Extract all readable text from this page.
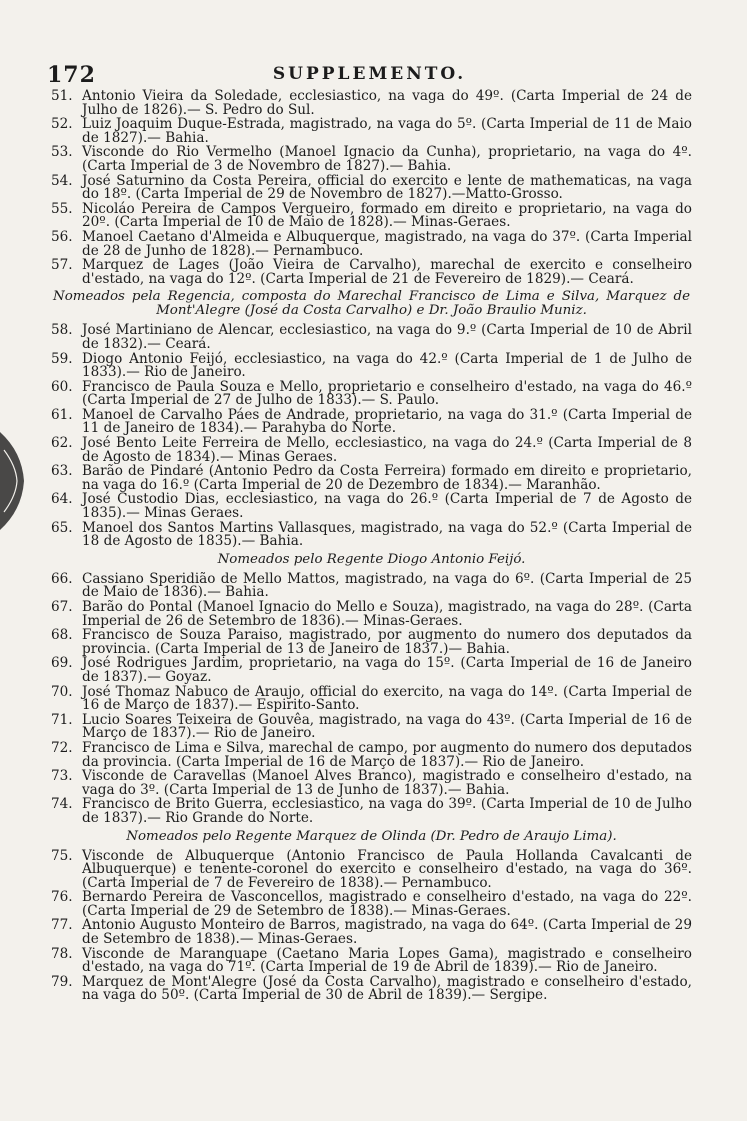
172	SUPPLEMENTO.
51. Antonio Vieira da Soledade, ecclesiastico, na vaga do 49º. (Carta Imperial de 24 de Julho de 1826).— S. Pedro do Sul.
52. Luiz Joaquim Duque-Estrada, magistrado, na vaga do 5º. (Carta Imperial de 11 de Maio de 1827).— Bahia.
53. Visconde do Rio Vermelho (Manoel Ignacio da Cunha), proprietario, na vaga do 4º. (Carta Imperial de 3 de Novembro de 1827).— Bahia.
54. José Saturnino da Costa Pereira, official do exercito e lente de mathematicas, na vaga do 18º. (Carta Imperial de 29 de Novembro de 1827).—Matto-Grosso.
55. Nicoláo Pereira de Campos Vergueiro, formado em direito e proprietario, na vaga do 20º. (Carta Imperial de 10 de Maio de 1828).— Minas-Geraes.
56. Manoel Caetano d'Almeida e Albuquerque, magistrado, na vaga do 37º. (Carta Imperial de 28 de Junho de 1828).— Pernambuco.
57. Marquez de Lages (João Vieira de Carvalho), marechal de exercito e conselheiro d'estado, na vaga do 12º. (Carta Imperial de 21 de Fevereiro de 1829).— Ceará.
Nomeados pela Regencia, composta do Marechal Francisco de Lima e Silva, Marquez de Mont'Alegre (José da Costa Carvalho) e Dr. João Braulio Muniz.
58. José Martiniano de Alencar, ecclesiastico, na vaga do 9.º (Carta Imperial de 10 de Abril de 1832).— Ceará.
59. Diogo Antonio Feijó, ecclesiastico, na vaga do 42.º (Carta Imperial de 1 de Julho de 1833).— Rio de Janeiro.
60. Francisco de Paula Souza e Mello, proprietario e conselheiro d'estado, na vaga do 46.º (Carta Imperial de 27 de Julho de 1833).— S. Paulo.
61. Manoel de Carvalho Páes de Andrade, proprietario, na vaga do 31.º (Carta Imperial de 11 de Janeiro de 1834).— Parahyba do Norte.
62. José Bento Leite Ferreira de Mello, ecclesiastico, na vaga do 24.º (Carta Imperial de 8 de Agosto de 1834).— Minas Geraes.
63. Barão de Pindaré (Antonio Pedro da Costa Ferreira) formado em direito e proprietario, na vaga do 16.º (Carta Imperial de 20 de Dezembro de 1834).— Maranhão.
64. José Custodio Dias, ecclesiastico, na vaga do 26.º (Carta Imperial de 7 de Agosto de 1835).— Minas Geraes.
65. Manoel dos Santos Martins Vallasques, magistrado, na vaga do 52.º (Carta Imperial de 18 de Agosto de 1835).— Bahia.
Nomeados pelo Regente Diogo Antonio Feijó.
66. Cassiano Speridião de Mello Mattos, magistrado, na vaga do 6º. (Carta Imperial de 25 de Maio de 1836).— Bahia.
67. Barão do Pontal (Manoel Ignacio do Mello e Souza), magistrado, na vaga do 28º. (Carta Imperial de 26 de Setembro de 1836).— Minas-Geraes.
68. Francisco de Souza Paraiso, magistrado, por augmento do numero dos deputados da provincia. (Carta Imperial de 13 de Janeiro de 1837.)— Bahia.
69. José Rodrigues Jardim, proprietario, na vaga do 15º. (Carta Imperial de 16 de Janeiro de 1837).— Goyaz.
70. José Thomaz Nabuco de Araujo, official do exercito, na vaga do 14º. (Carta Imperial de 16 de Março de 1837).— Espirito-Santo.
71. Lucio Soares Teixeira de Gouvêa, magistrado, na vaga do 43º. (Carta Imperial de 16 de Março de 1837).— Rio de Janeiro.
72. Francisco de Lima e Silva, marechal de campo, por augmento do numero dos deputados da provincia. (Carta Imperial de 16 de Março de 1837).— Rio de Janeiro.
73. Visconde de Caravellas (Manoel Alves Branco), magistrado e conselheiro d'estado, na vaga do 3º. (Carta Imperial de 13 de Junho de 1837).— Bahia.
74. Francisco de Brito Guerra, ecclesiastico, na vaga do 39º. (Carta Imperial de 10 de Julho de 1837).— Rio Grande do Norte.
Nomeados pelo Regente Marquez de Olinda (Dr. Pedro de Araujo Lima).
75. Visconde de Albuquerque (Antonio Francisco de Paula Hollanda Cavalcanti de Albuquerque) e tenente-coronel do exercito e conselheiro d'estado, na vaga do 36º. (Carta Imperial de 7 de Fevereiro de 1838).— Pernambuco.
76. Bernardo Pereira de Vasconcellos, magistrado e conselheiro d'estado, na vaga do 22º. (Carta Imperial de 29 de Setembro de 1838).— Minas-Geraes.
77. Antonio Augusto Monteiro de Barros, magistrado, na vaga do 64º. (Carta Imperial de 29 de Setembro de 1838).— Minas-Geraes.
78. Visconde de Maranguape (Caetano Maria Lopes Gama), magistrado e conselheiro d'estado, na vaga do 71º. (Carta Imperial de 19 de Abril de 1839).— Rio de Janeiro.
79. Marquez de Mont'Alegre (José da Costa Carvalho), magistrado e conselheiro d'estado, na vaga do 50º. (Carta Imperial de 30 de Abril de 1839).— Sergipe.
